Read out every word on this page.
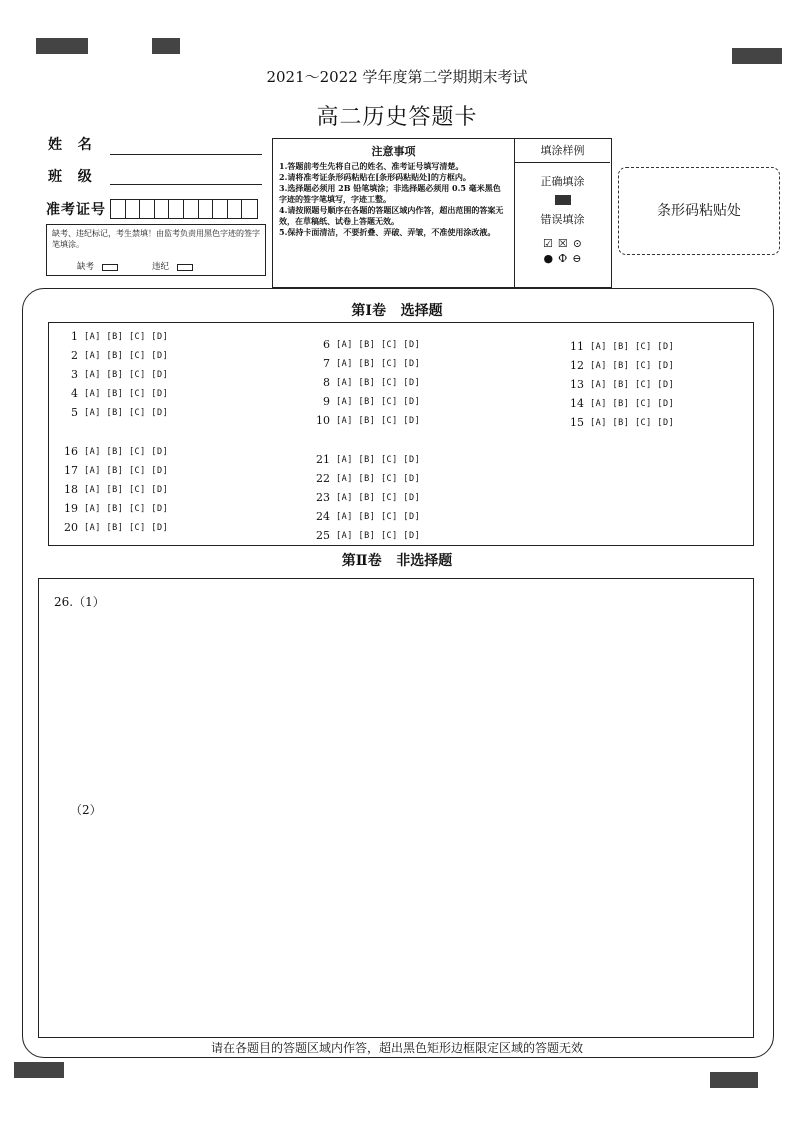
2021～2022 学年度第二学期期末考试
高二历史答题卡
姓  名
班  级
准考证号
缺考、违纪标记，考生禁填！由监考负责用黑色字迹的签字笔填涂。
缺考	违纪
注意事项
1.答题前考生先将自己的姓名、准考证号填写清楚。
2.请将准考证条形码粘贴在[条形码粘贴处]的方框内。
3.选择题必须用 2B 铅笔填涂；非选择题必须用 0.5 毫米黑色字迹的签字笔填写，字迹工整。
4.请按照题号顺序在各题的答题区域内作答，超出范围的答案无效，在草稿纸、试卷上答题无效。
5.保持卡面清洁，不要折叠、弄破、弄皱，不准使用涂改液。
填涂样例
正确填涂
错误填涂
☑ ☒ ⊙
● Ф ⊖
条形码粘贴处
第Ⅰ卷   选择题
1 [A] [B] [C] [D]
2 [A] [B] [C] [D]
3 [A] [B] [C] [D]
4 [A] [B] [C] [D]
5 [A] [B] [C] [D]
6 [A] [B] [C] [D]
7 [A] [B] [C] [D]
8 [A] [B] [C] [D]
9 [A] [B] [C] [D]
10 [A] [B] [C] [D]
11 [A] [B] [C] [D]
12 [A] [B] [C] [D]
13 [A] [B] [C] [D]
14 [A] [B] [C] [D]
15 [A] [B] [C] [D]
16 [A] [B] [C] [D]
17 [A] [B] [C] [D]
18 [A] [B] [C] [D]
19 [A] [B] [C] [D]
20 [A] [B] [C] [D]
21 [A] [B] [C] [D]
22 [A] [B] [C] [D]
23 [A] [B] [C] [D]
24 [A] [B] [C] [D]
25 [A] [B] [C] [D]
第Ⅱ卷   非选择题
26.（1）
（2）
请在各题目的答题区域内作答，超出黑色矩形边框限定区域的答题无效
